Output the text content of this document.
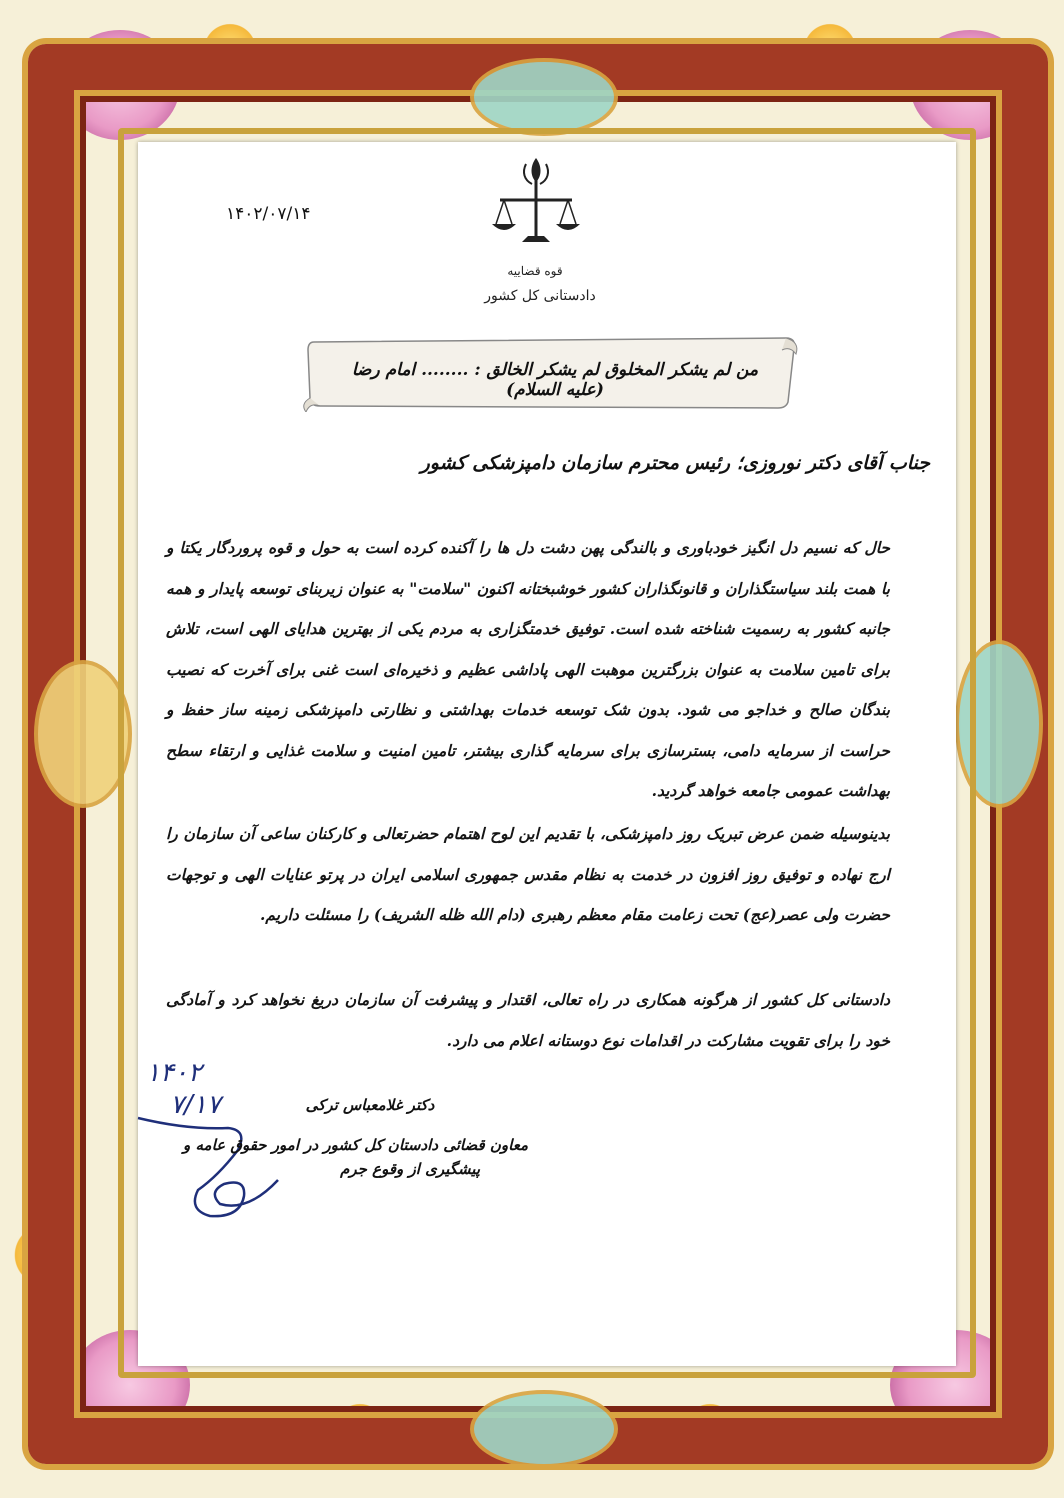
۱۴۰۲/۰۷/۱۴
قوه قضاییه
دادستانی کل کشور
من لم یشکر المخلوق لم یشکر الخالق : ........ امام رضا (علیه السلام)
جناب آقای دکتر نوروزی؛ رئیس محترم سازمان دامپزشکی کشور
حال که نسیم دل انگیز خودباوری و بالندگی پهن دشت دل ها را آکنده کرده است به حول و قوه پروردگار یکتا و با همت بلند سیاستگذاران و قانونگذاران کشور خوشبختانه اکنون "سلامت" به عنوان زیربنای توسعه پایدار و همه جانبه کشور به رسمیت شناخته شده است. توفیق خدمتگزاری به مردم یکی از بهترین هدایای الهی است، تلاش برای تامین سلامت به عنوان بزرگترین موهبت الهی پاداشی عظیم و ذخیره‌ای است غنی برای آخرت که نصیب بندگان صالح و خداجو می شود. بدون شک توسعه خدمات بهداشتی و نظارتی دامپزشکی زمینه ساز حفظ و حراست از سرمایه دامی، بسترسازی برای سرمایه گذاری بیشتر، تامین امنیت و سلامت غذایی و ارتقاء سطح بهداشت عمومی جامعه خواهد گردید.
بدینوسیله ضمن عرض تبریک روز دامپزشکی، با تقدیم این لوح اهتمام حضرتعالی و کارکنان ساعی آن سازمان را ارج نهاده و توفیق روز افزون در خدمت به نظام مقدس جمهوری اسلامی ایران در پرتو عنایات الهی و توجهات حضرت ولی عصر(عج) تحت زعامت مقام معظم رهبری (دام الله ظله الشریف) را مسئلت داریم.
دادستانی کل کشور از هرگونه همکاری در راه تعالی، اقتدار و پیشرفت آن سازمان دریغ نخواهد کرد و آمادگی خود را برای تقویت مشارکت در اقدامات نوع دوستانه اعلام می دارد.
۱۴۰۲
۷/۱۷	دکتر غلامعباس ترکی
معاون قضائی دادستان کل کشور در امور حقوق عامه و
پیشگیری از وقوع جرم
